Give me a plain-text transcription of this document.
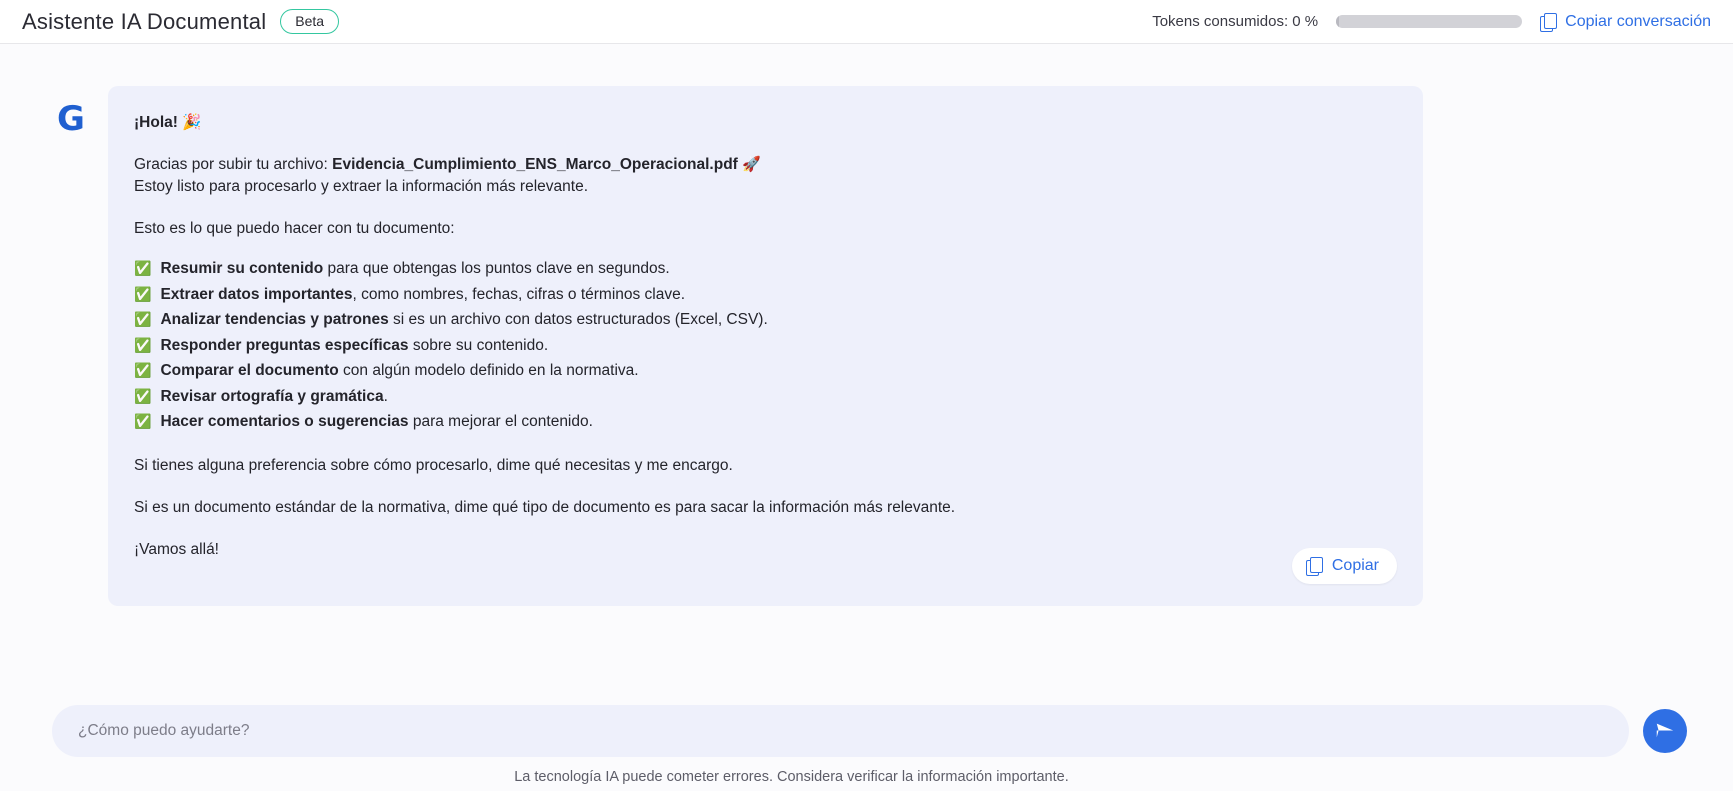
Asistente IA Documental	Beta	Tokens consumidos: 0 %	Copiar conversación
G	¡Hola! 🎉

Gracias por subir tu archivo: Evidencia_Cumplimiento_ENS_Marco_Operacional.pdf 🚀

Estoy listo para procesarlo y extraer la información más relevante.

Esto es lo que puedo hacer con tu documento:

✅ Resumir su contenido para que obtengas los puntos clave en segundos.
✅ Extraer datos importantes, como nombres, fechas, cifras o términos clave.
✅ Analizar tendencias y patrones si es un archivo con datos estructurados (Excel, CSV).
✅ Responder preguntas específicas sobre su contenido.
✅ Comparar el documento con algún modelo definido en la normativa.
✅ Revisar ortografía y gramática.
✅ Hacer comentarios o sugerencias para mejorar el contenido.

Si tienes alguna preferencia sobre cómo procesarlo, dime qué necesitas y me encargo.

Si es un documento estándar de la normativa, dime qué tipo de documento es para sacar la información más relevante.

¡Vamos allá!

Copiar
¿Cómo puedo ayudarte?
La tecnología IA puede cometer errores. Considera verificar la información importante.
